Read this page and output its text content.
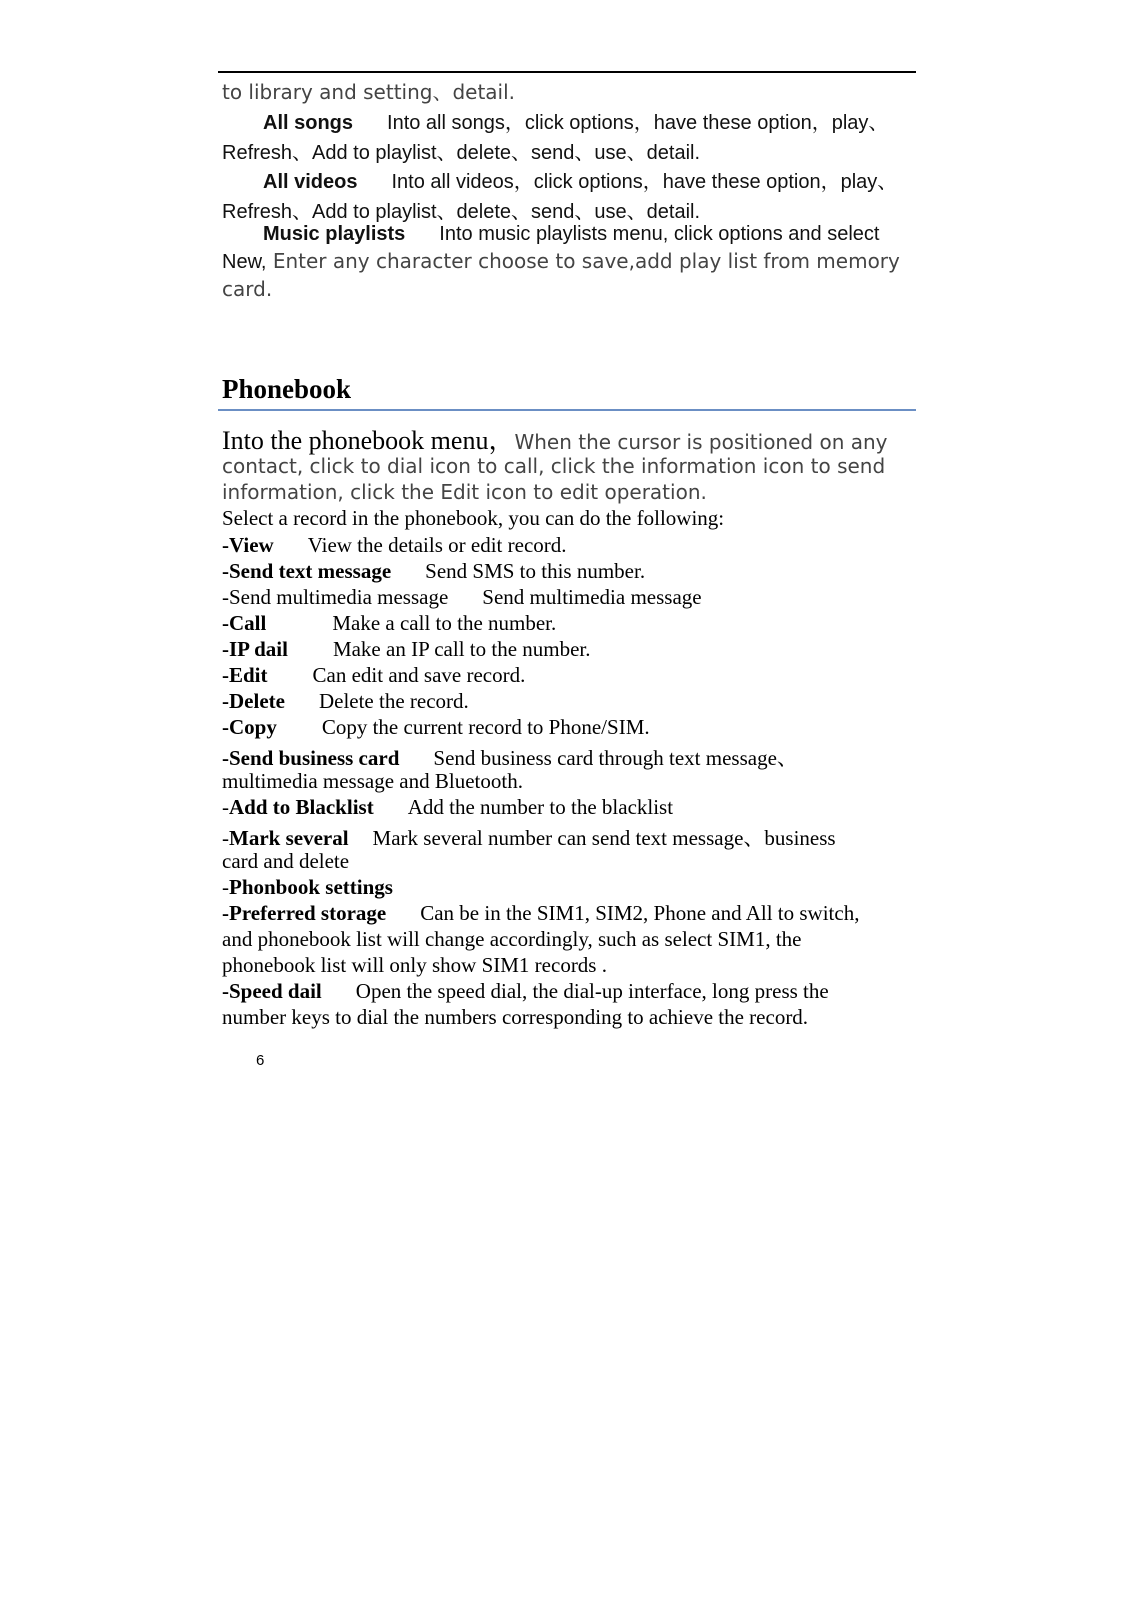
to library and setting、detail.
All songs Into all songs，click options，have these option，play、
Refresh、Add to playlist、delete、send、use、detail.
All videos Into all videos，click options，have these option，play、
Refresh、Add to playlist、delete、send、use、detail.
Music playlists Into music playlists menu, click options and select
New, Enter any character choose to save,add play list from memory
card.
Phonebook
Into the phonebook menu，When the cursor is positioned on any
contact, click to dial icon to call, click the information icon to send
information, click the Edit icon to edit operation.
Select a record in the phonebook, you can do the following:
-View View the details or edit record.
-Send text message Send SMS to this number.
-Send multimedia message Send multimedia message
-Call	Make a call to the number.
-IP dail Make an IP call to the number.
-Edit Can edit and save record.
-Delete Delete the record.
-Copy Copy the current record to Phone/SIM.
-Send business card Send business card through text message、
multimedia message and Bluetooth.
-Add to Blacklist Add the number to the blacklist
-Mark several Mark several number can send text message、business
card and delete
-Phonbook settings
-Preferred storage Can be in the SIM1, SIM2, Phone and All to switch,
and phonebook list will change accordingly, such as select SIM1, the
phonebook list will only show SIM1 records .
-Speed dail Open the speed dial, the dial-up interface, long press the
number keys to dial the numbers corresponding to achieve the record.
6
